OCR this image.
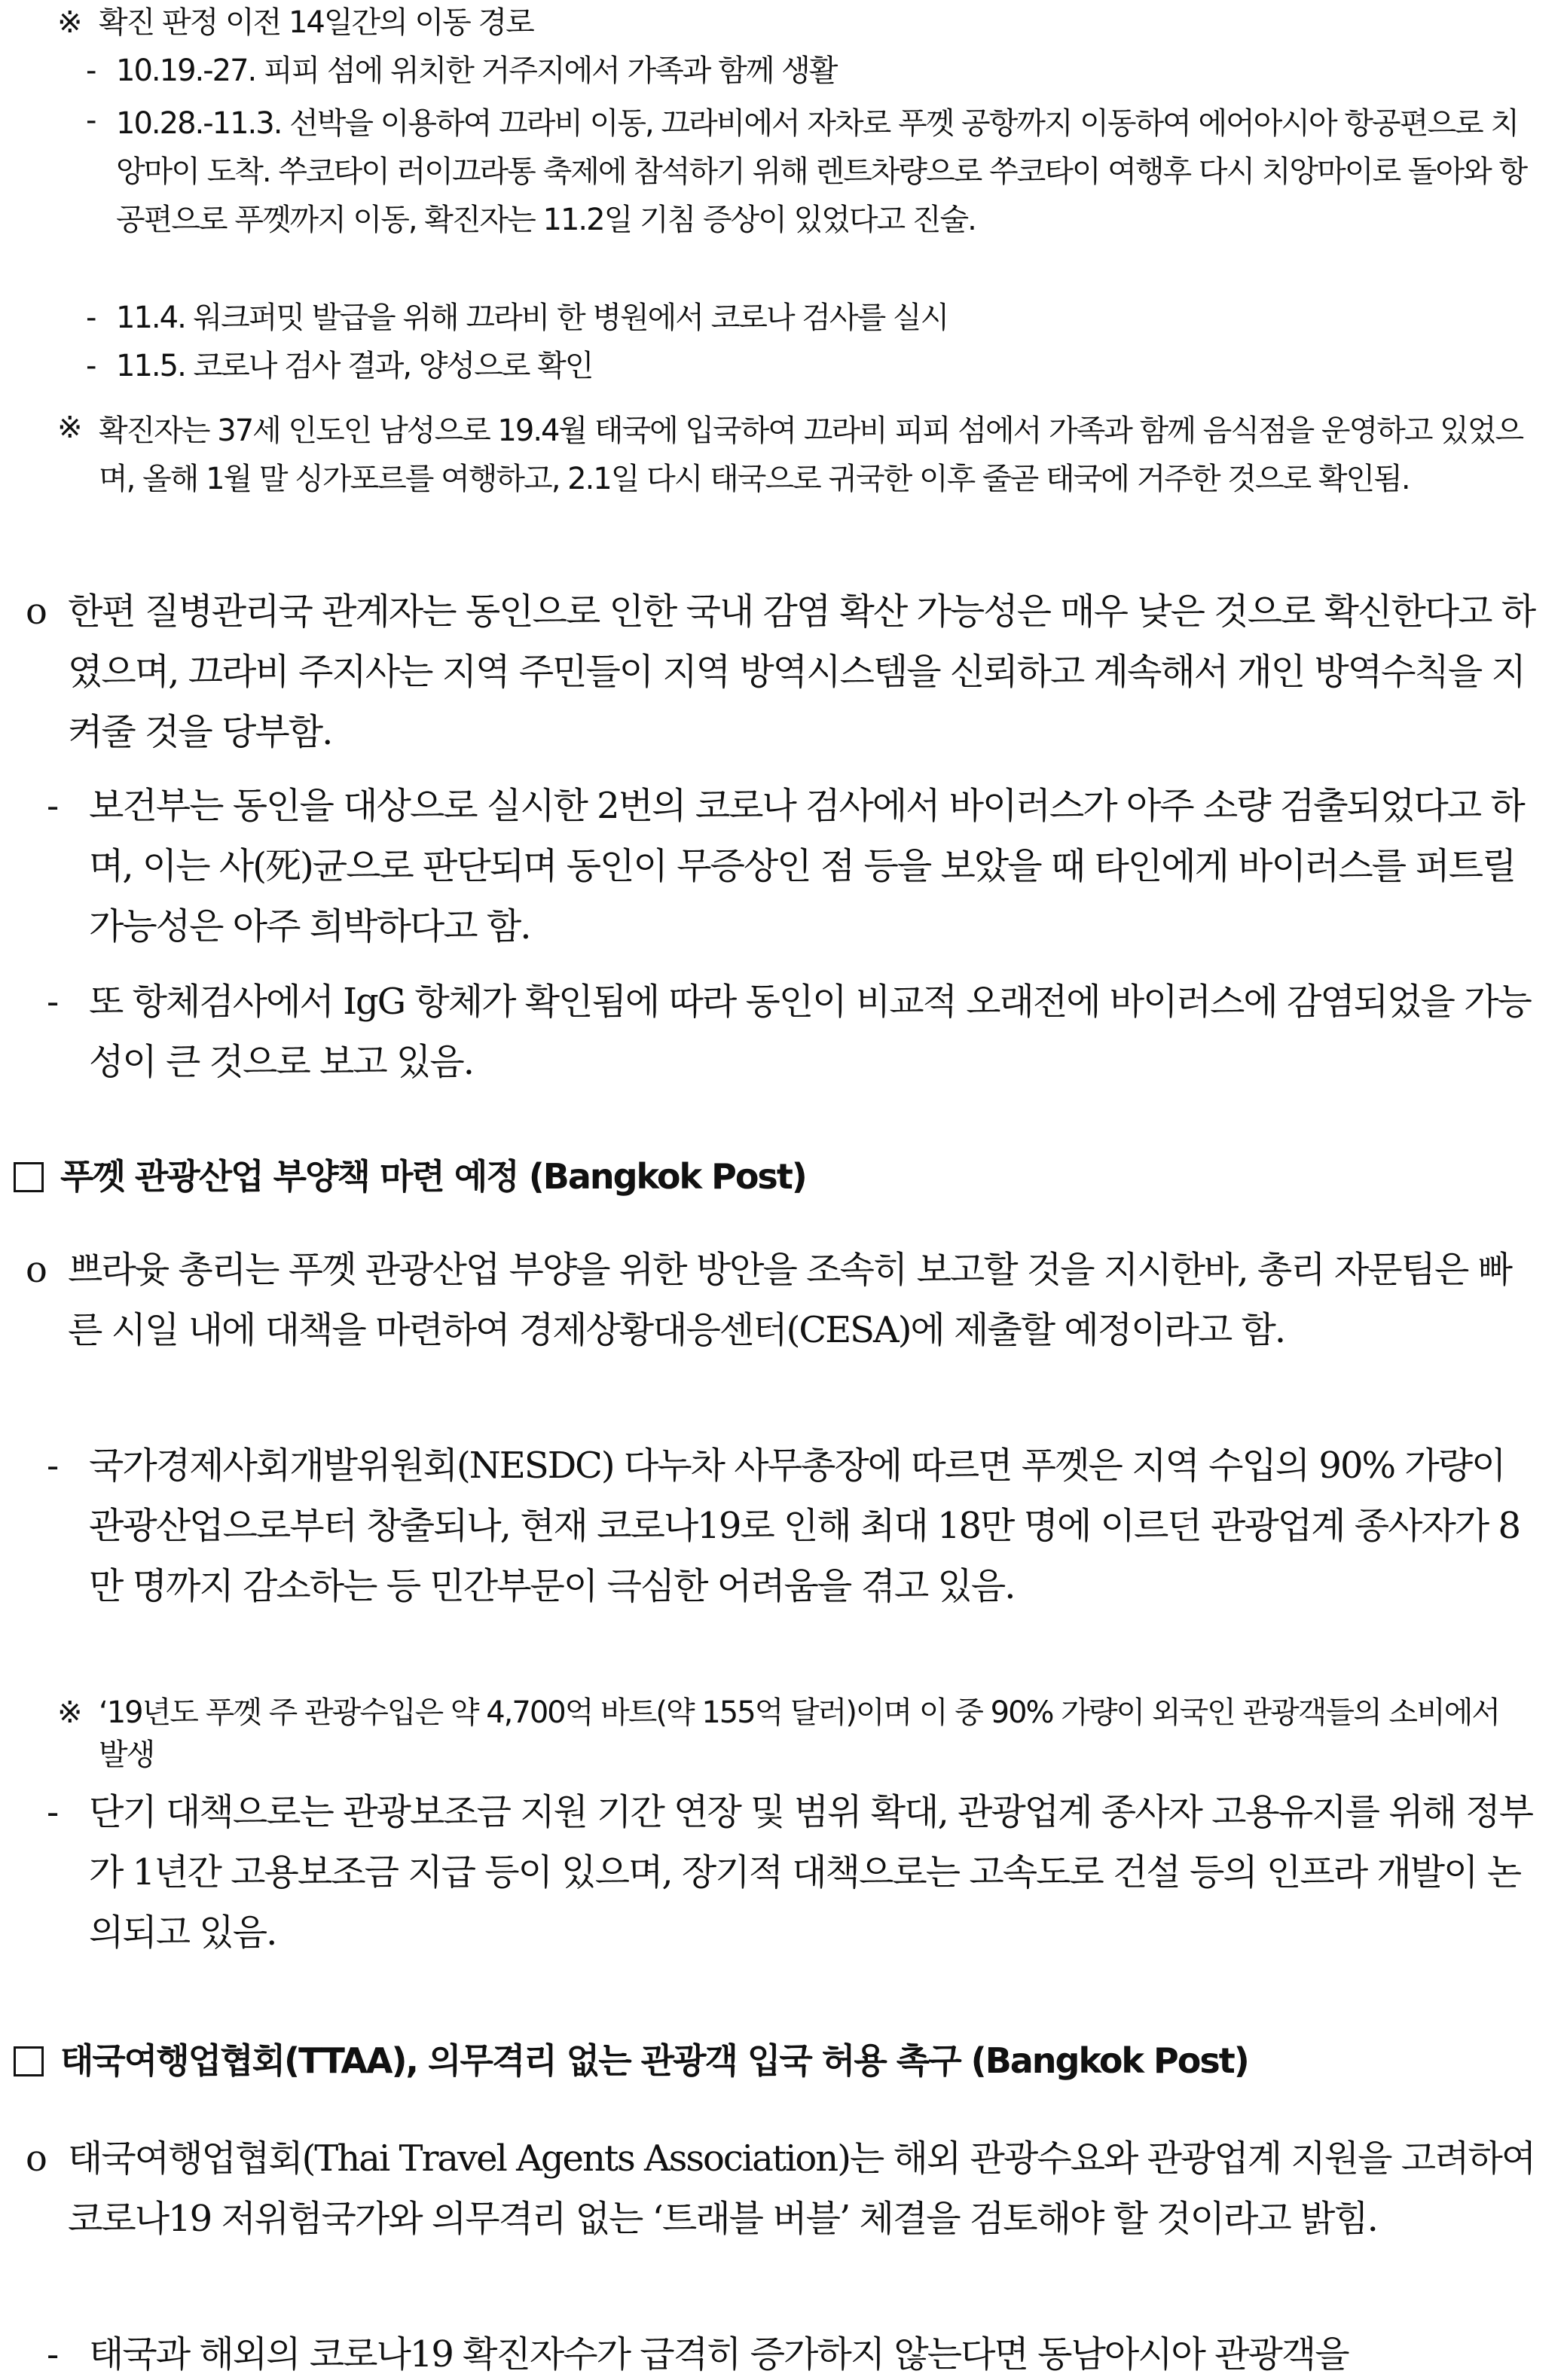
※ 확진 판정 이전 14일간의 이동 경로
- 10.19.-27. 피피 섬에 위치한 거주지에서 가족과 함께 생활
- 10.28.-11.3. 선박을 이용하여 끄라비 이동, 끄라비에서 자차로 푸껫 공항까지 이동하여 에어아시아 항공편으로 치앙마이 도착. 쑤코타이 러이끄라통 축제에 참석하기 위해 렌트차량으로 쑤코타이 여행후 다시 치앙마이로 돌아와 항공편으로 푸껫까지 이동, 확진자는 11.2일 기침 증상이 있었다고 진술.
- 11.4. 워크퍼밋 발급을 위해 끄라비 한 병원에서 코로나 검사를 실시
- 11.5. 코로나 검사 결과, 양성으로 확인
※ 확진자는 37세 인도인 남성으로 19.4월 태국에 입국하여 끄라비 피피 섬에서 가족과 함께 음식점을 운영하고 있었으며, 올해 1월 말 싱가포르를 여행하고, 2.1일 다시 태국으로 귀국한 이후 줄곧 태국에 거주한 것으로 확인됨.
o 한편 질병관리국 관계자는 동인으로 인한 국내 감염 확산 가능성은 매우 낮은 것으로 확신한다고 하였으며, 끄라비 주지사는 지역 주민들이 지역 방역시스템을 신뢰하고 계속해서 개인 방역수칙을 지켜줄 것을 당부함.
- 보건부는 동인을 대상으로 실시한 2번의 코로나 검사에서 바이러스가 아주 소량 검출되었다고 하며, 이는 사(死)균으로 판단되며 동인이 무증상인 점 등을 보았을 때 타인에게 바이러스를 퍼트릴 가능성은 아주 희박하다고 함.
- 또 항체검사에서 IgG 항체가 확인됨에 따라 동인이 비교적 오래전에 바이러스에 감염되었을 가능성이 큰 것으로 보고 있음.
푸껫 관광산업 부양책 마련 예정 (Bangkok Post)
o 쁘라윳 총리는 푸껫 관광산업 부양을 위한 방안을 조속히 보고할 것을 지시한바, 총리 자문팀은 빠른 시일 내에 대책을 마련하여 경제상황대응센터(CESA)에 제출할 예정이라고 함.
- 국가경제사회개발위원회(NESDC) 다누차 사무총장에 따르면 푸껫은 지역 수입의 90% 가량이 관광산업으로부터 창출되나, 현재 코로나19로 인해 최대 18만 명에 이르던 관광업계 종사자가 8만 명까지 감소하는 등 민간부문이 극심한 어려움을 겪고 있음.
※ ‘19년도 푸껫 주 관광수입은 약 4,700억 바트(약 155억 달러)이며 이 중 90% 가량이 외국인 관광객들의 소비에서 발생
- 단기 대책으로는 관광보조금 지원 기간 연장 및 범위 확대, 관광업계 종사자 고용유지를 위해 정부가 1년간 고용보조금 지급 등이 있으며, 장기적 대책으로는 고속도로 건설 등의 인프라 개발이 논의되고 있음.
태국여행업협회(TTAA), 의무격리 없는 관광객 입국 허용 촉구 (Bangkok Post)
o 태국여행업협회(Thai Travel Agents Association)는 해외 관광수요와 관광업계 지원을 고려하여 코로나19 저위험국가와 의무격리 없는 ‘트래블 버블’ 체결을 검토해야 할 것이라고 밝힘.
- 태국과 해외의 코로나19 확진자수가 급격히 증가하지 않는다면 동남아시아 관광객을
